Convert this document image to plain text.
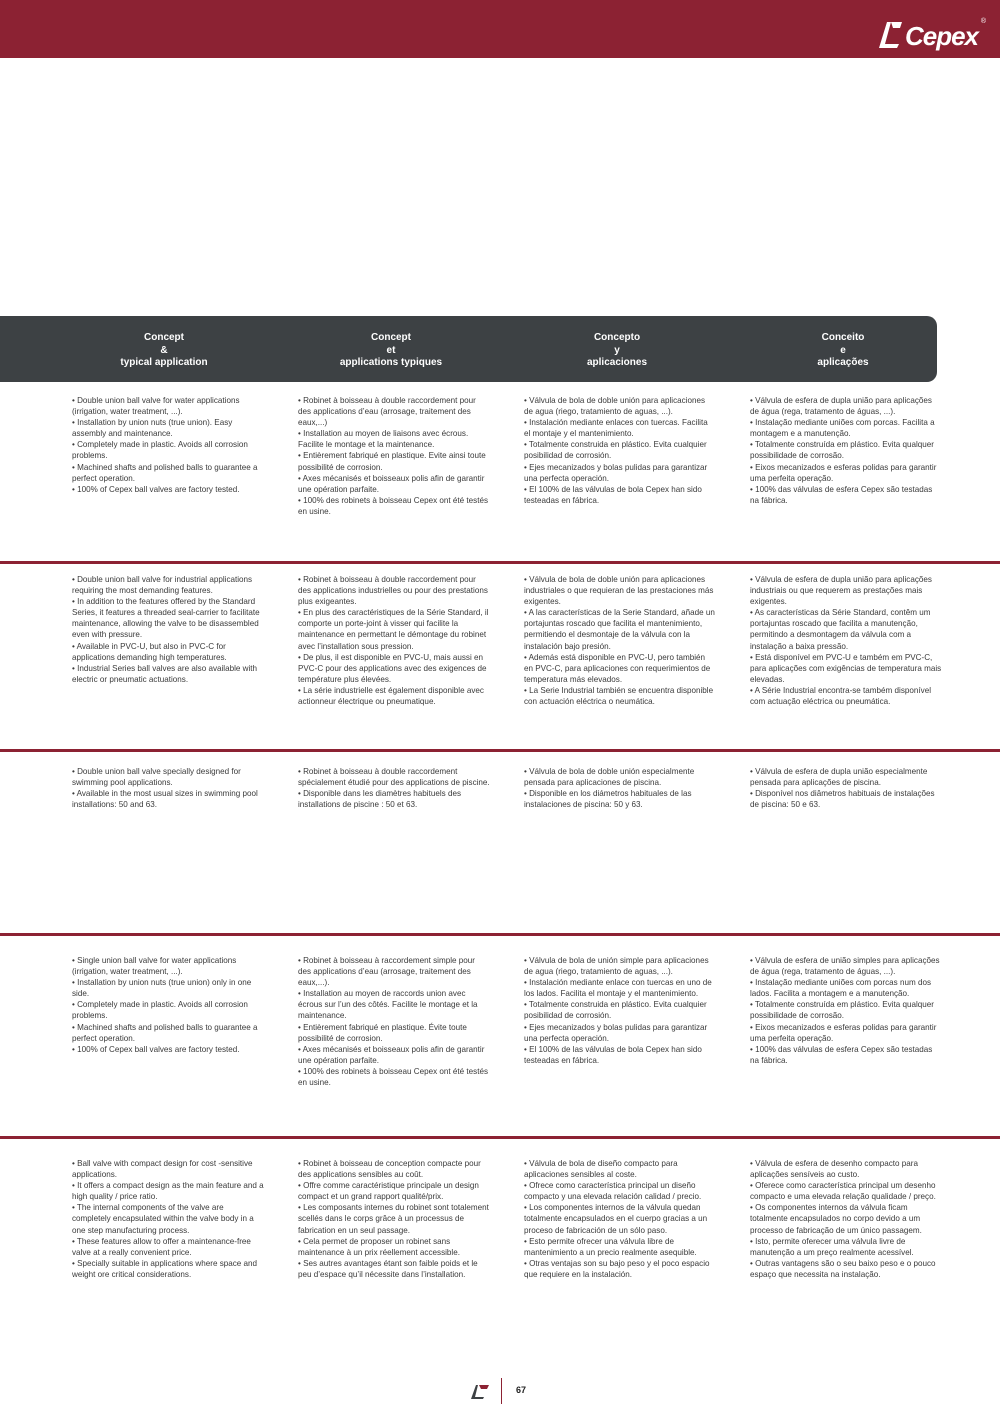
Cepex ®
Concept
&
typical application
Concept
et
applications typiques
Concepto
y
aplicaciones
Conceito
e
aplicações

• Double union ball valve for water applications (irrigation, water treatment, ...).

• Installation by union nuts (true union). Easy assembly and maintenance.

• Completely made in plastic. Avoids all corrosion problems.

• Machined shafts and polished balls to guarantee a perfect operation.

• 100% of Cepex ball valves are factory tested.

• Robinet à boisseau à double raccordement pour des applications d’eau (arrosage, traitement des eaux,...)

• Installation au moyen de liaisons avec écrous. Facilite le montage et la maintenance.

• Entièrement fabriqué en plastique. Evite ainsi toute possibilité de corrosion.

• Axes mécanisés et boisseaux polis afin de garantir une opération parfaite.

• 100% des robinets à boisseau Cepex ont été testés en usine.

• Válvula de bola de doble unión para aplicaciones de agua (riego, tratamiento de aguas, ...).

• Instalación mediante enlaces con tuercas. Facilita el montaje y el mantenimiento.

• Totalmente construida en plástico. Evita cualquier posibilidad de corrosión.

• Ejes mecanizados y bolas pulidas para garantizar una perfecta operación.

• El 100% de las válvulas de bola Cepex han sido testeadas en fábrica.

• Válvula de esfera de dupla união para aplicações de água (rega, tratamento de águas, ...).

• Instalação mediante uniões com porcas. Facilita a montagem e a manutenção.

• Totalmente construída em plástico. Evita qualquer possibilidade de corrosão.

• Eixos mecanizados e esferas polidas para garantir uma perfeita operação.

• 100% das válvulas de esfera Cepex são testadas na fábrica.

• Double union ball valve for industrial applications requiring the most demanding features.

• In addition to the features offered by the Standard Series, it features a threaded seal-carrier to facilitate maintenance, allowing the valve to be disassembled even with pressure.

• Available in PVC-U, but also in PVC-C for applications demanding high temperatures.

• Industrial Series ball valves are also available with electric or pneumatic actuations.

• Robinet à boisseau à double raccordement pour des applications industrielles ou pour des prestations plus exigeantes.

• En plus des caractéristiques de la Série Standard, il comporte un porte-joint à visser qui facilite la maintenance en permettant le démontage du robinet avec l’installation sous pression.

• De plus, il est disponible en PVC-U, mais aussi en PVC-C pour des applications avec des exigences de température plus élevées.

• La série industrielle est également disponible avec actionneur électrique ou pneumatique.

• Válvula de bola de doble unión para aplicaciones industriales o que requieran de las prestaciones más exigentes.

• A las características de la Serie Standard, añade un portajuntas roscado que facilita el mantenimiento, permitiendo el desmontaje de la válvula con la instalación bajo presión.

• Además está disponible en PVC-U, pero también en PVC-C, para aplicaciones con requerimientos de temperatura más elevados.

• La Serie Industrial también se encuentra disponible con actuación eléctrica o neumática.

• Válvula de esfera de dupla união para aplicações industriais ou que requerem as prestações mais exigentes.

• As características da Série Standard, contêm um portajuntas roscado que facilita a manutenção, permitindo a desmontagem da válvula com a instalação a baixa pressão.

• Está disponível em PVC-U e também em PVC-C, para aplicações com exigências de temperatura mais elevadas.

• A Série Industrial encontra-se também disponível com actuação eléctrica ou pneumática.

• Double union ball valve specially designed for swimming pool applications.

• Available in the most usual sizes in swimming pool installations: 50 and 63.

• Robinet à boisseau à double raccordement spécialement étudié pour des applications de piscine.

• Disponible dans les diamètres habituels des installations de piscine : 50 et 63.

• Válvula de bola de doble unión especialmente pensada para aplicaciones de piscina.

• Disponible en los diámetros habituales de las instalaciones de piscina: 50 y 63.

• Válvula de esfera de dupla união especialmente pensada para aplicações de piscina.

• Disponível nos diâmetros habituais de instalações de piscina: 50 e 63.

• Single union ball valve for water applications (irrigation, water treatment, ...).

• Installation by union nuts (true union) only in one side.

• Completely made in plastic. Avoids all corrosion problems.

• Machined shafts and polished balls to guarantee a perfect operation.

• 100% of Cepex ball valves are factory tested.

• Robinet à boisseau à raccordement simple pour des applications d’eau (arrosage, traitement des eaux,...).

• Installation au moyen de raccords union avec écrous sur l’un des côtés. Facilite le montage et la maintenance.

• Entièrement fabriqué en plastique. Évite toute possibilité de corrosion.

• Axes mécanisés et boisseaux polis afin de garantir une opération parfaite.

• 100% des robinets à boisseau Cepex ont été testés en usine.

• Válvula de bola de unión simple para aplicaciones de agua (riego, tratamiento de aguas, ...).

• Instalación mediante enlace con tuercas en uno de los lados. Facilita el montaje y el mantenimiento.

• Totalmente construida en plástico. Evita cualquier posibilidad de corrosión.

• Ejes mecanizados y bolas pulidas para garantizar una perfecta operación.

• El 100% de las válvulas de bola Cepex han sido testeadas en fábrica.

• Válvula de esfera de união simples para aplicações de água (rega, tratamento de águas, ...).

• Instalação mediante uniões com porcas num dos lados. Facilita a montagem e a manutenção.

• Totalmente construída em plástico. Evita qualquer possibilidade de corrosão.

• Eixos mecanizados e esferas polidas para garantir uma perfeita operação.

• 100% das válvulas de esfera Cepex são testadas na fábrica.

• Ball valve with compact design for cost -sensitive applications.

• It offers a compact design as the main feature and a high quality / price ratio.

• The internal components of the valve are completely encapsulated within the valve body in a one step manufacturing process.

• These features allow to offer a maintenance-free valve at a really convenient price.

• Specially suitable in applications where space and weight ore critical considerations.

• Robinet à boisseau de conception compacte pour des applications sensibles au coût.

• Offre comme caractéristique principale un design compact et un grand rapport qualité/prix.

• Les composants internes du robinet sont totalement scellés dans le corps grâce à un processus de fabrication en un seul passage.

• Cela permet de proposer un robinet sans maintenance à un prix réellement accessible.

• Ses autres avantages étant son faible poids et le peu d’espace qu’il nécessite dans l’installation.

• Válvula de bola de diseño compacto para aplicaciones sensibles al coste.

• Ofrece como característica principal un diseño compacto y una elevada relación calidad / precio.

• Los componentes internos de la válvula quedan totalmente encapsulados en el cuerpo gracias a un proceso de fabricación de un sólo paso.

• Esto permite ofrecer una válvula libre de mantenimiento a un precio realmente asequible.

• Otras ventajas son su bajo peso y el poco espacio que requiere en la instalación.

• Válvula de esfera de desenho compacto para aplicações sensíveis ao custo.

• Oferece como característica principal um desenho compacto e uma elevada relação qualidade / preço.

• Os componentes internos da válvula ficam totalmente encapsulados no corpo devido a um processo de fabricação de um único passagem.

• Isto, permite oferecer uma válvula livre de manutenção a um preço realmente acessível.

• Outras vantagens são o seu baixo peso e o pouco espaço que necessita na instalação.

67
